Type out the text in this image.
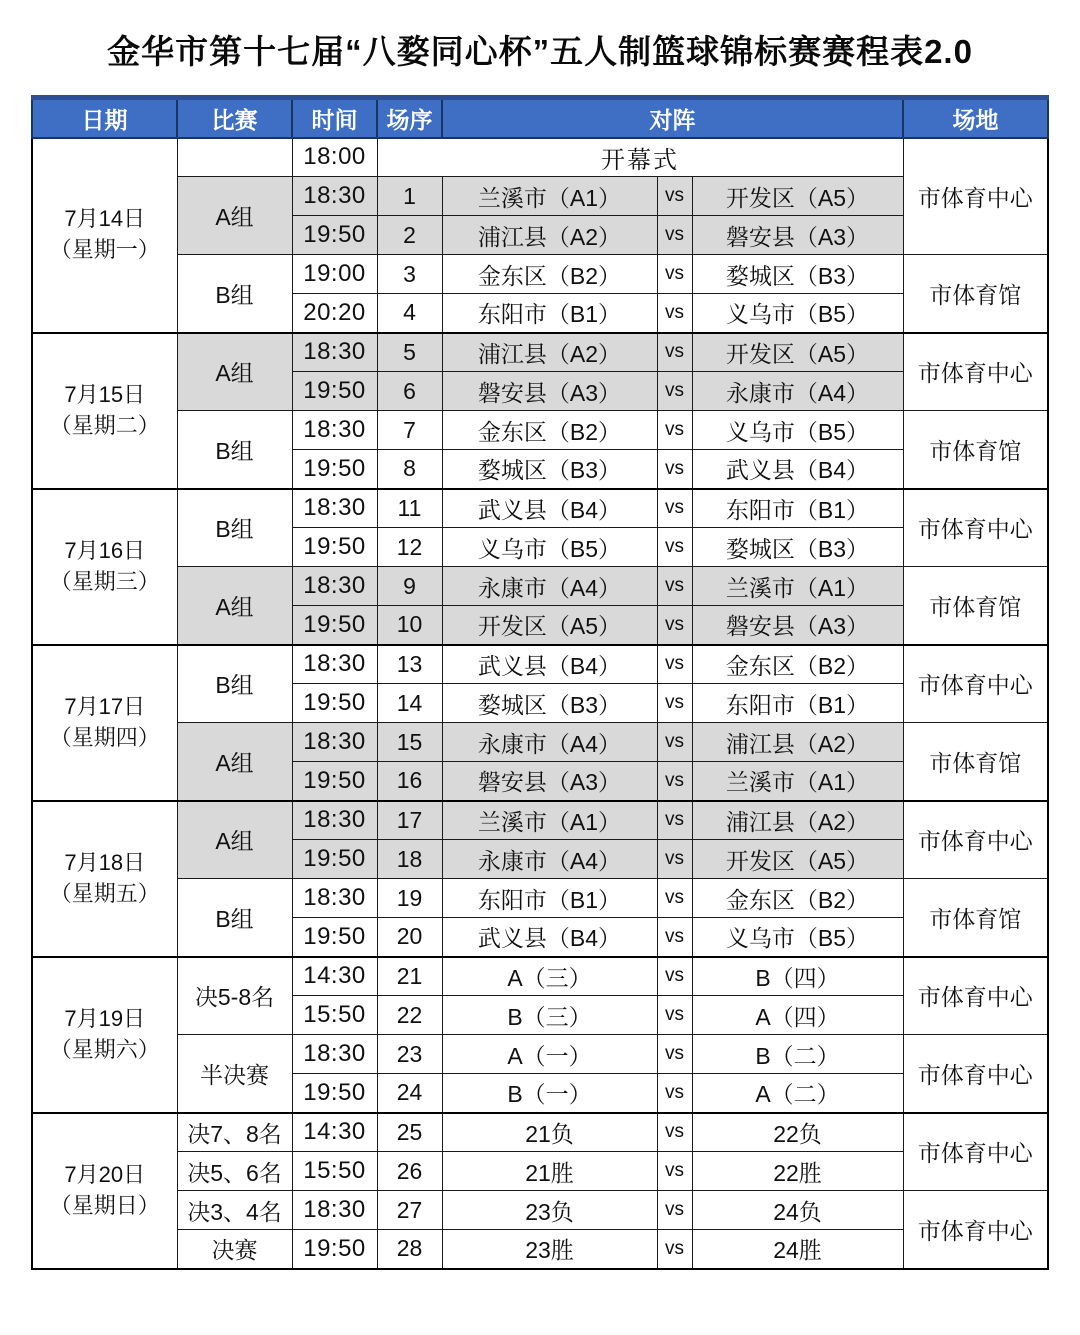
金华市第十七届“八婺同心杯”五人制篮球锦标赛赛程表2.0
日期	比赛	时间	场序	对阵			场地

7月14日
（星期一）		18:00	开幕式				市体育中心
	A组	18:30	1	兰溪市（A1）	vs	开发区（A5）	
		19:50	2	浦江县（A2）	vs	磐安县（A3）	
	B组	19:00	3	金东区（B2）	vs	婺城区（B3）	市体育馆
		20:20	4	东阳市（B1）	vs	义乌市（B5）	

7月15日
（星期二）	A组	18:30	5	浦江县（A2）	vs	开发区（A5）	市体育中心
		19:50	6	磐安县（A3）	vs	永康市（A4）	
	B组	18:30	7	金东区（B2）	vs	义乌市（B5）	市体育馆
		19:50	8	婺城区（B3）	vs	武义县（B4）	

7月16日
（星期三）	B组	18:30	11	武义县（B4）	vs	东阳市（B1）	市体育中心
		19:50	12	义乌市（B5）	vs	婺城区（B3）	
	A组	18:30	9	永康市（A4）	vs	兰溪市（A1）	市体育馆
		19:50	10	开发区（A5）	vs	磐安县（A3）	

7月17日
（星期四）	B组	18:30	13	武义县（B4）	vs	金东区（B2）	市体育中心
		19:50	14	婺城区（B3）	vs	东阳市（B1）	
	A组	18:30	15	永康市（A4）	vs	浦江县（A2）	市体育馆
		19:50	16	磐安县（A3）	vs	兰溪市（A1）	

7月18日
（星期五）	A组	18:30	17	兰溪市（A1）	vs	浦江县（A2）	市体育中心
		19:50	18	永康市（A4）	vs	开发区（A5）	
	B组	18:30	19	东阳市（B1）	vs	金东区（B2）	市体育馆
		19:50	20	武义县（B4）	vs	义乌市（B5）	

7月19日
（星期六）	决5-8名	14:30	21	A（三）	vs	B（四）	市体育中心
		15:50	22	B（三）	vs	A（四）	
	半决赛	18:30	23	A（一）	vs	B（二）	市体育中心
		19:50	24	B（一）	vs	A（二）	

7月20日
（星期日）	决7、8名	14:30	25	21负	vs	22负	市体育中心
	决5、6名	15:50	26	21胜	vs	22胜	
	决3、4名	18:30	27	23负	vs	24负	市体育中心
	决赛	19:50	28	23胜	vs	24胜	
